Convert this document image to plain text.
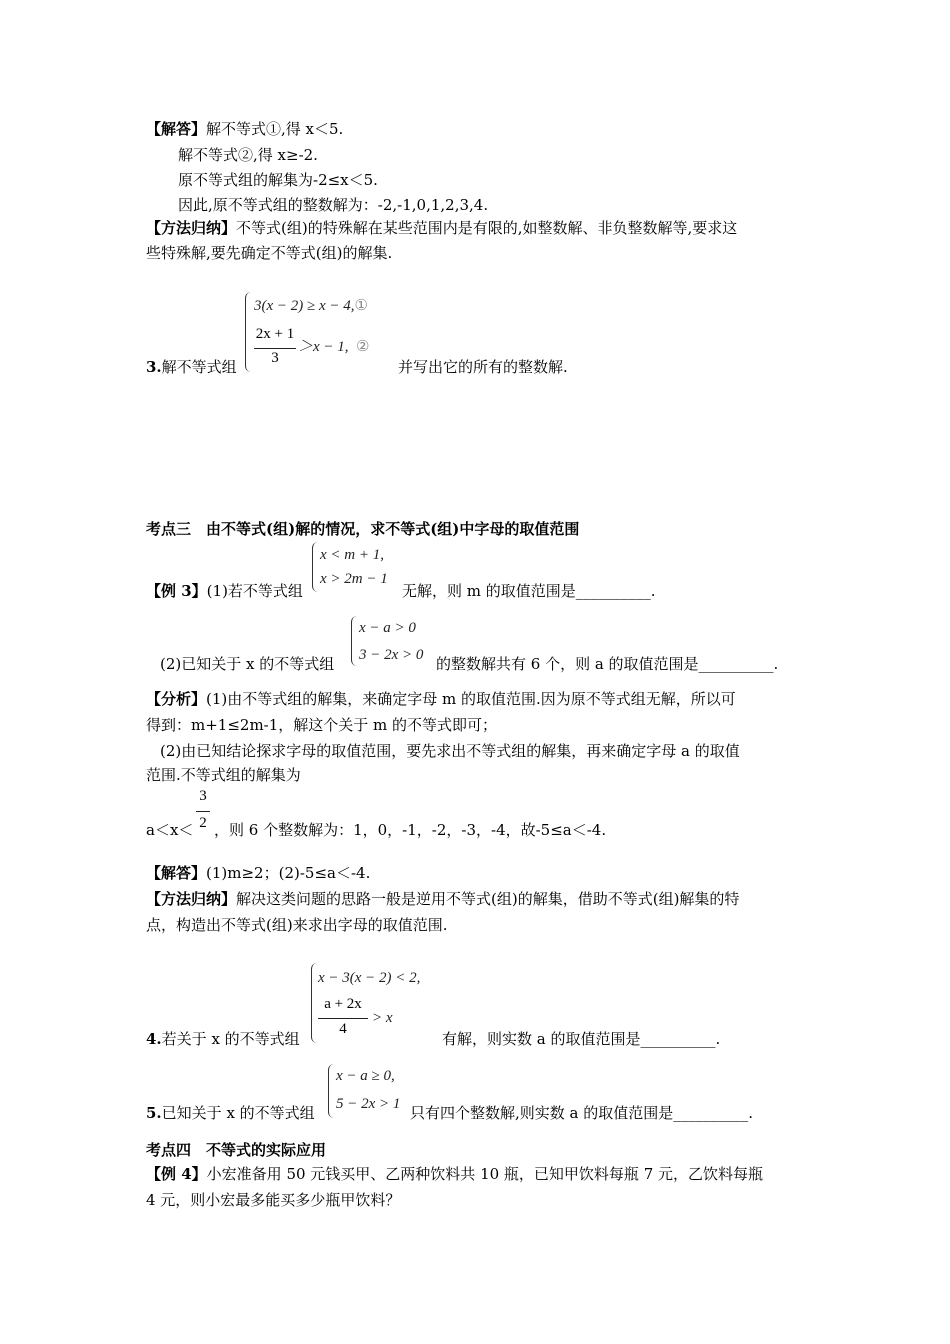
【解答】解不等式①,得 x＜5.
解不等式②,得 x≥-2.
原不等式组的解集为-2≤x＜5.
因此,原不等式组的整数解为：-2,-1,0,1,2,3,4.
【方法归纳】不等式(组)的特殊解在某些范围内是有限的,如整数解、非负整数解等,要求这
些特殊解,要先确定不等式(组)的解集.
3.解不等式组
3(x − 2) ≥ x − 4,①
2x + 1
3
＞x − 1, ②
并写出它的所有的整数解.
考点三　由不等式(组)解的情况，求不等式(组)中字母的取值范围
x < m + 1,
x > 2m − 1
【例 3】(1)若不等式组	无解，则 m 的取值范围是__________.
x − a > 0
3 − 2x > 0
(2)已知关于 x 的不等式组	的整数解共有 6 个，则 a 的取值范围是__________.
【分析】(1)由不等式组的解集，来确定字母 m 的取值范围.因为原不等式组无解，所以可
得到：m+1≤2m-1，解这个关于 m 的不等式即可；
(2)由已知结论探求字母的取值范围，要先求出不等式组的解集，再来确定字母 a 的取值
范围.不等式组的解集为
3
2
a＜x＜ ，则 6 个整数解为：1，0，-1，-2，-3，-4，故-5≤a＜-4.
【解答】(1)m≥2；(2)-5≤a＜-4.
【方法归纳】解决这类问题的思路一般是逆用不等式(组)的解集，借助不等式(组)解集的特
点，构造出不等式(组)来求出字母的取值范围.
x − 3(x − 2) < 2,
a + 2x
4
> x
4.若关于 x 的不等式组	有解，则实数 a 的取值范围是__________.
x − a ≥ 0,
5 − 2x > 1
5.已知关于 x 的不等式组	只有四个整数解,则实数 a 的取值范围是__________.
考点四　不等式的实际应用
【例 4】小宏准备用 50 元钱买甲、乙两种饮料共 10 瓶，已知甲饮料每瓶 7 元，乙饮料每瓶
4 元，则小宏最多能买多少瓶甲饮料？
